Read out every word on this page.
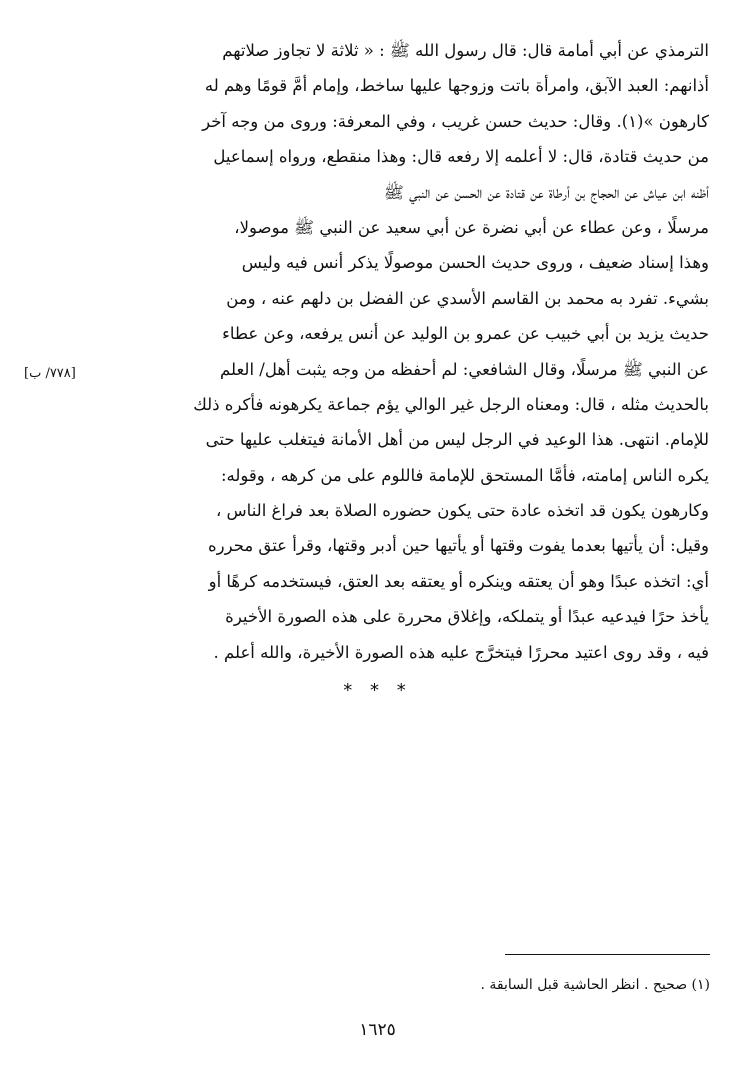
الترمذي عن أبي أمامة قال: قال رسول الله ﷺ : « ثلاثة لا تجاوز صلاتهم
أذانهم: العبد الآبق، وامرأة باتت وزوجها عليها ساخط، وإمام أمَّ قومًا وهم له
كارهون »(١). وقال: حديث حسن غريب ، وفي المعرفة: وروى من وجه آخر
من حديث قتادة، قال: لا أعلمه إلا رفعه قال: وهذا منقطع، ورواه إسماعيل
أظنه ابن عياش عن الحجاج بن أرطاة عن قتادة عن الحسن عن النبي ﷺ
مرسلًا ، وعن عطاء عن أبي نضرة عن أبي سعيد عن النبي ﷺ موصولا،
وهذا إسناد ضعيف ، وروى حديث الحسن موصولًا يذكر أنس فيه وليس
بشيء. تفرد به محمد بن القاسم الأسدي عن الفضل بن دلهم عنه ، ومن
حديث يزيد بن أبي خبيب عن عمرو بن الوليد عن أنس يرفعه، وعن عطاء
عن النبي ﷺ مرسلًا، وقال الشافعي: لم أحفظه من وجه يثبت أهل/ العلم
بالحديث مثله ، قال: ومعناه الرجل غير الوالي يؤم جماعة يكرهونه فأكره ذلك
للإمام. انتهى. هذا الوعيد في الرجل ليس من أهل الأمانة فيتغلب عليها حتى
يكره الناس إمامته، فأمَّا المستحق للإمامة فاللوم على من كرهه ، وقوله:
وكارهون يكون قد اتخذه عادة حتى يكون حضوره الصلاة بعد فراغ الناس ،
وقيل: أن يأتيها بعدما يفوت وقتها أو يأتيها حين أدبر وقتها، وقرأ عتق محرره
أي: اتخذه عبدًا وهو أن يعتقه وينكره أو يعتقه بعد العتق، فيستخدمه كرهًا أو
يأخذ حرًا فيدعيه عبدًا أو يتملكه، وإغلاق محررة على هذه الصورة الأخيرة
فيه ، وقد روى اعتيد محررًا فيتخرَّج عليه هذه الصورة الأخيرة، والله أعلم .
[٧٧٨/ ب]
* * *
(١) صحيح . انظر الحاشية قبل السابقة .
١٦٢٥
